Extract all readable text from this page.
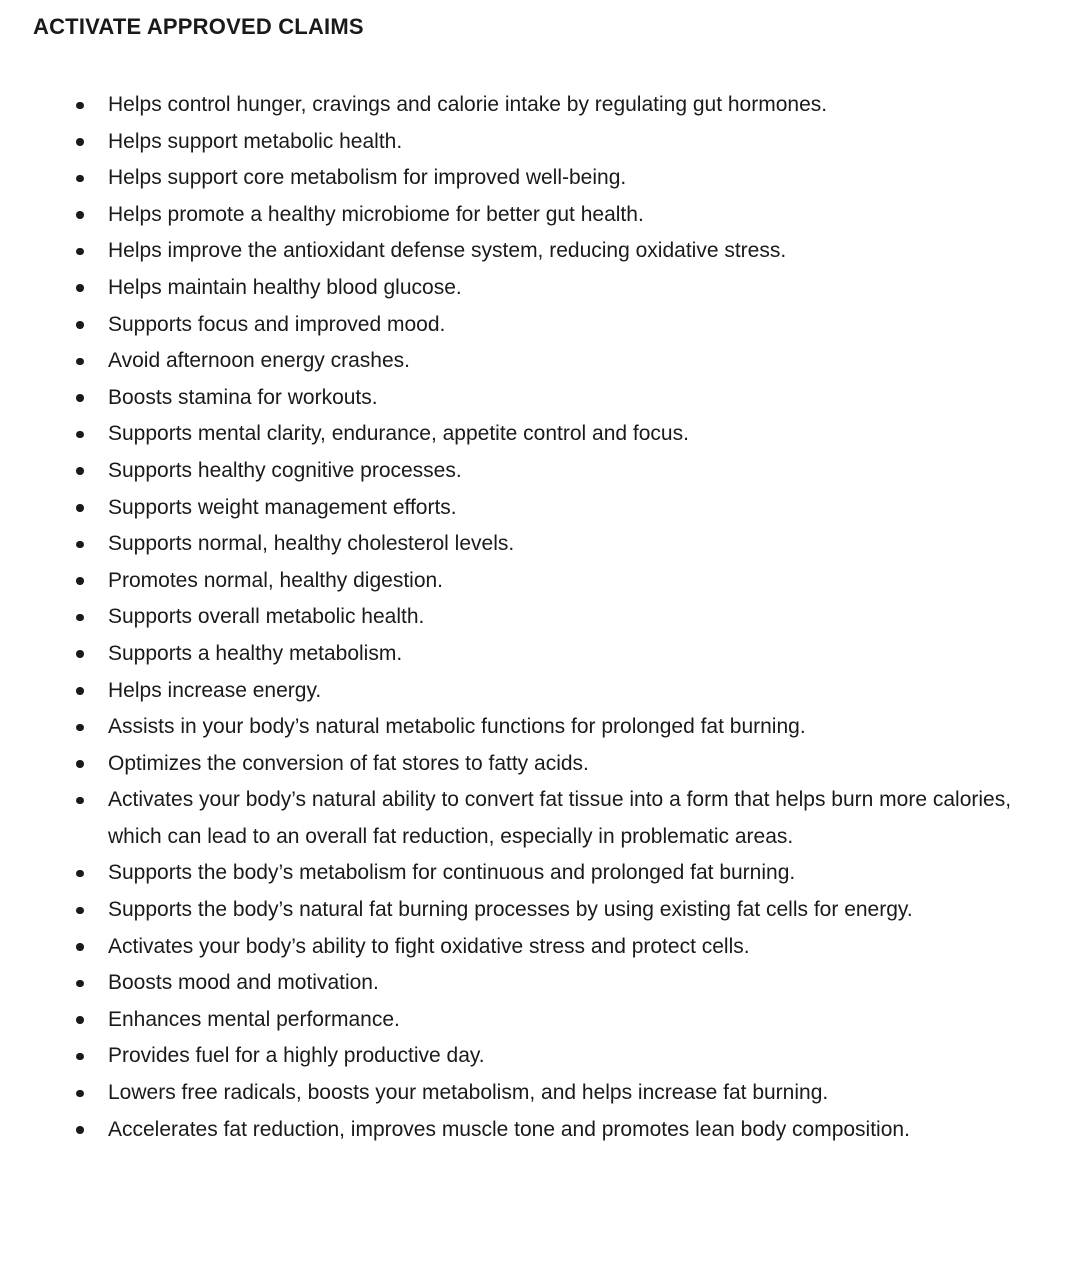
ACTIVATE APPROVED CLAIMS
Helps control hunger, cravings and calorie intake by regulating gut hormones.
Helps support metabolic health.
Helps support core metabolism for improved well-being.
Helps promote a healthy microbiome for better gut health.
Helps improve the antioxidant defense system, reducing oxidative stress.
Helps maintain healthy blood glucose.
Supports focus and improved mood.
Avoid afternoon energy crashes.
Boosts stamina for workouts.
Supports mental clarity, endurance, appetite control and focus.
Supports healthy cognitive processes.
Supports weight management efforts.
Supports normal, healthy cholesterol levels.
Promotes normal, healthy digestion.
Supports overall metabolic health.
Supports a healthy metabolism.
Helps increase energy.
Assists in your body’s natural metabolic functions for prolonged fat burning.
Optimizes the conversion of fat stores to fatty acids.
Activates your body’s natural ability to convert fat tissue into a form that helps burn more calories, which can lead to an overall fat reduction, especially in problematic areas.
Supports the body’s metabolism for continuous and prolonged fat burning.
Supports the body’s natural fat burning processes by using existing fat cells for energy.
Activates your body’s ability to fight oxidative stress and protect cells.
Boosts mood and motivation.
Enhances mental performance.
Provides fuel for a highly productive day.
Lowers free radicals, boosts your metabolism, and helps increase fat burning.
Accelerates fat reduction, improves muscle tone and promotes lean body composition.
